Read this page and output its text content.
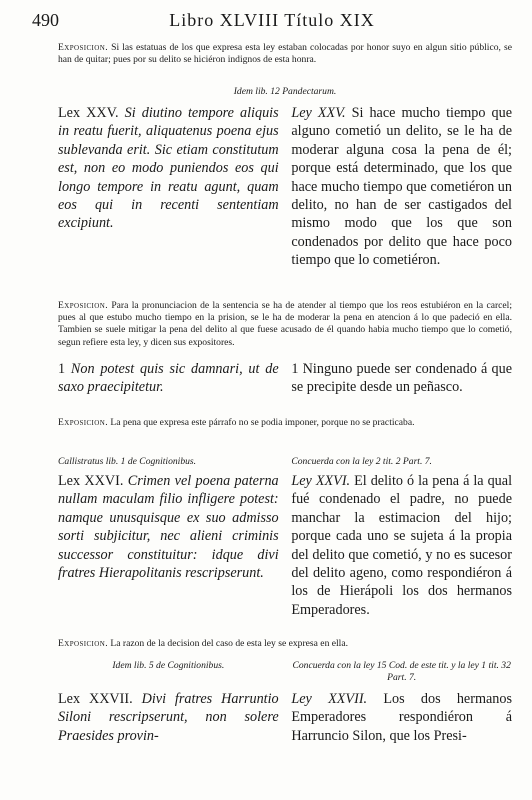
490	Libro XLVIII Título XIX
Exposicion. Si las estatuas de los que expresa esta ley estaban colocadas por honor suyo en algun sitio público, se han de quitar; pues por su delito se hiciéron indignos de esta honra.
Idem lib. 12 Pandectarum.
Lex XXV. Si diutino tempore aliquis in reatu fuerit, aliquatenus poena ejus sublevanda erit. Sic etiam constitutum est, non eo modo puniendos eos qui longo tempore in reatu agunt, quam eos qui in recenti sententiam excipiunt.
Ley XXV. Si hace mucho tiempo que alguno cometió un delito, se le ha de moderar alguna cosa la pena de él; porque está determinado, que los que hace mucho tiempo que cometiéron un delito, no han de ser castigados del mismo modo que los que son condenados por delito que hace poco tiempo que lo cometiéron.
Exposicion. Para la pronunciacion de la sentencia se ha de atender al tiempo que los reos estubiéron en la carcel; pues al que estubo mucho tiempo en la prision, se le ha de moderar la pena en atencion á lo que padeció en ella. Tambien se suele mitigar la pena del delito al que fuese acusado de él quando habia mucho tiempo que lo cometió, segun refiere esta ley, y dicen sus expositores.
1 Non potest quis sic damnari, ut de saxo praecipitetur.
1 Ninguno puede ser condenado á que se precipite desde un peñasco.
Exposicion. La pena que expresa este párrafo no se podia imponer, porque no se practicaba.
Callistratus lib. 1 de Cognitionibus.	Concuerda con la ley 2 tit. 2 Part. 7.
Lex XXVI. Crimen vel poena paterna nullam maculam filio infligere potest: namque unusquisque ex suo admisso sorti subjicitur, nec alieni criminis successor constituitur: idque divi fratres Hierapolitanis rescripserunt.
Ley XXVI. El delito ó la pena á la qual fué condenado el padre, no puede manchar la estimacion del hijo; porque cada uno se sujeta á la propia del delito que cometió, y no es sucesor del delito ageno, como respondiéron á los de Hierápoli los dos hermanos Emperadores.
Exposicion. La razon de la decision del caso de esta ley se expresa en ella.
Idem lib. 5 de Cognitionibus.	Concuerda con la ley 15 Cod. de este tit. y la ley 1 tit. 32 Part. 7.
Lex XXVII. Divi fratres Harruntio Siloni rescripserunt, non solere Praesides provin-
Ley XXVII. Los dos hermanos Emperadores respondiéron á Harruncio Silon, que los Presi-
